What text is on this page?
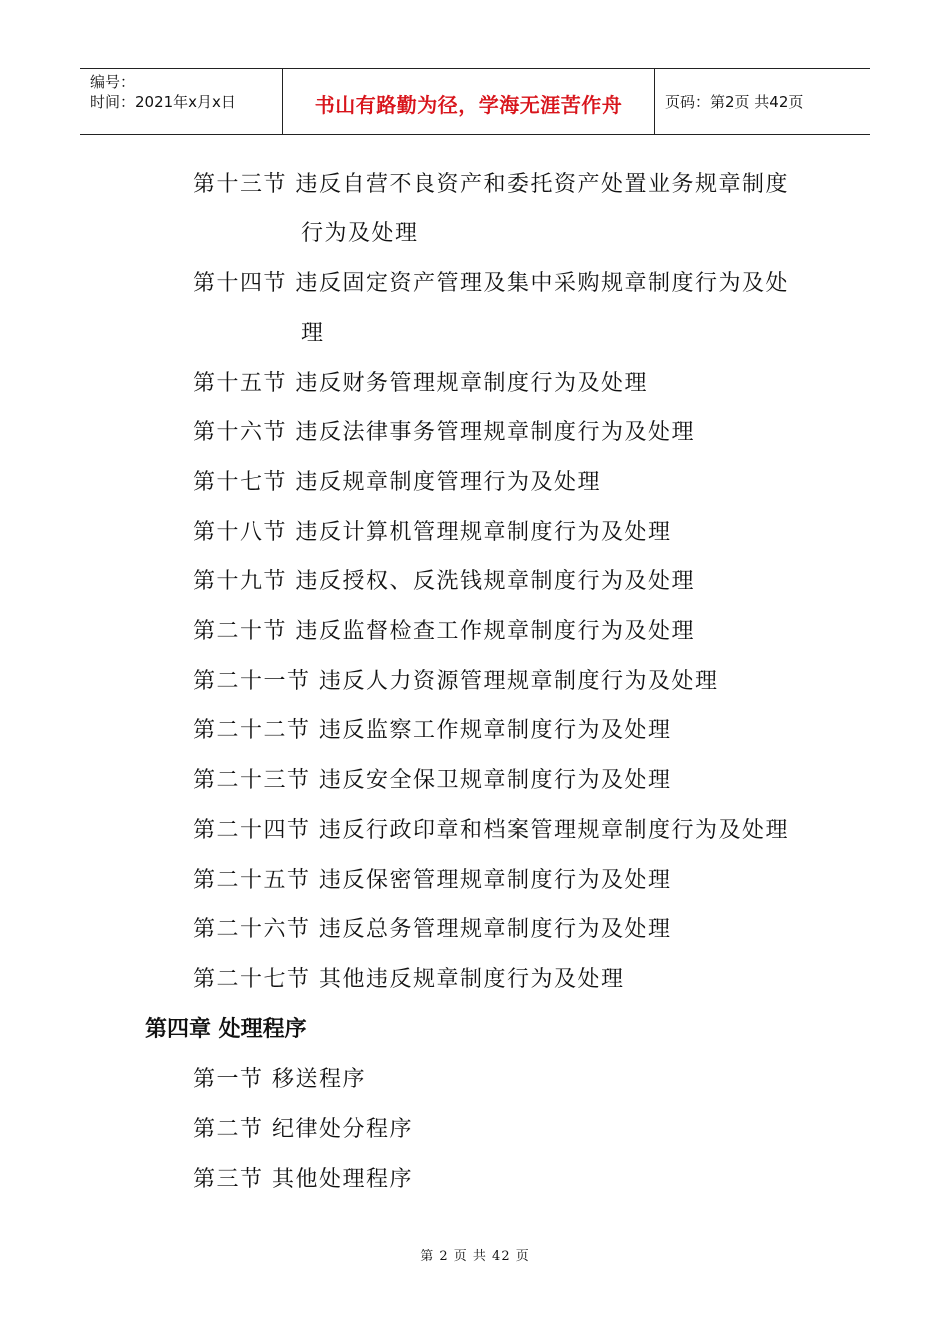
编号：
时间：2021年x月x日	书山有路勤为径，学海无涯苦作舟	页码：第2页 共42页
第十三节 违反自营不良资产和委托资产处置业务规章制度
行为及处理
第十四节 违反固定资产管理及集中采购规章制度行为及处
理
第十五节 违反财务管理规章制度行为及处理
第十六节 违反法律事务管理规章制度行为及处理
第十七节 违反规章制度管理行为及处理
第十八节 违反计算机管理规章制度行为及处理
第十九节 违反授权、反洗钱规章制度行为及处理
第二十节 违反监督检查工作规章制度行为及处理
第二十一节 违反人力资源管理规章制度行为及处理
第二十二节 违反监察工作规章制度行为及处理
第二十三节 违反安全保卫规章制度行为及处理
第二十四节 违反行政印章和档案管理规章制度行为及处理
第二十五节 违反保密管理规章制度行为及处理
第二十六节 违反总务管理规章制度行为及处理
第二十七节 其他违反规章制度行为及处理
第四章 处理程序
第一节 移送程序
第二节 纪律处分程序
第三节 其他处理程序
第 2 页 共 42 页
